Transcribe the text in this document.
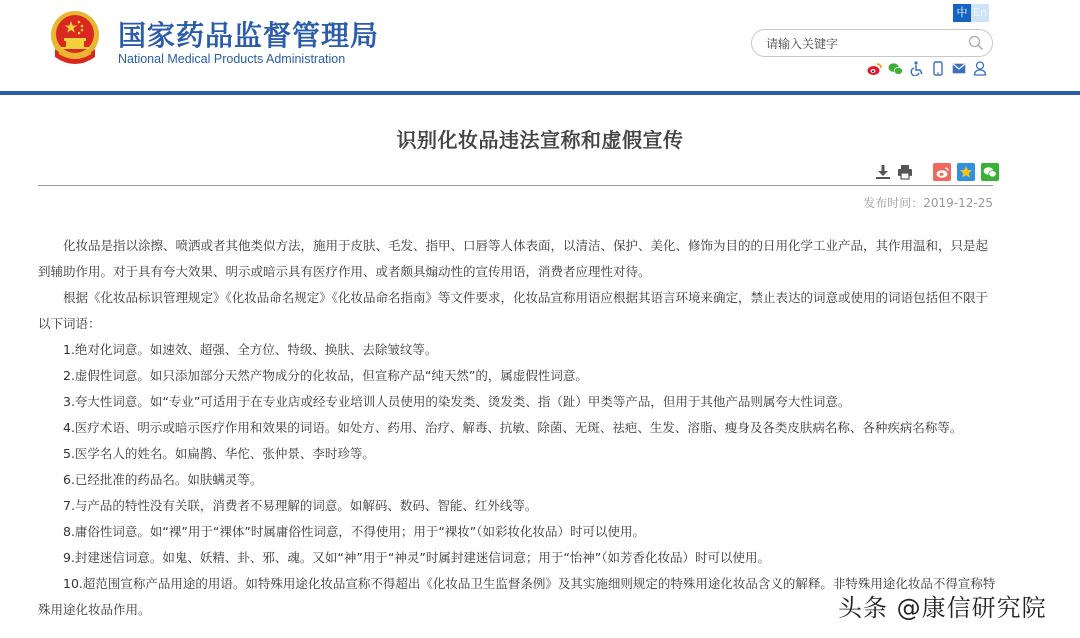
国家药品监督管理局
National Medical Products Administration
中 En
请输入关键字
识别化妆品违法宣称和虚假宣传
发布时间：2019-12-25

化妆品是指以涂擦、喷洒或者其他类似方法，施用于皮肤、毛发、指甲、口唇等人体表面，以清洁、保护、美化、修饰为目的的日用化学工业产品，其作用温和，只是起到辅助作用。对于具有夸大效果、明示或暗示具有医疗作用、或者颇具煽动性的宣传用语，消费者应理性对待。

根据《化妆品标识管理规定》《化妆品命名规定》《化妆品命名指南》等文件要求，化妆品宣称用语应根据其语言环境来确定，禁止表达的词意或使用的词语包括但不限于以下词语：

1.绝对化词意。如速效、超强、全方位、特级、换肤、去除皱纹等。

2.虚假性词意。如只添加部分天然产物成分的化妆品，但宣称产品“纯天然”的，属虚假性词意。

3.夸大性词意。如“专业”可适用于在专业店或经专业培训人员使用的染发类、烫发类、指（趾）甲类等产品，但用于其他产品则属夸大性词意。

4.医疗术语、明示或暗示医疗作用和效果的词语。如处方、药用、治疗、解毒、抗敏、除菌、无斑、祛疤、生发、溶脂、瘦身及各类皮肤病名称、各种疾病名称等。

5.医学名人的姓名。如扁鹊、华佗、张仲景、李时珍等。

6.已经批准的药品名。如肤螨灵等。

7.与产品的特性没有关联，消费者不易理解的词意。如解码、数码、智能、红外线等。

8.庸俗性词意。如“裸”用于“裸体”时属庸俗性词意，不得使用；用于“裸妆”（如彩妆化妆品）时可以使用。

9.封建迷信词意。如鬼、妖精、卦、邪、魂。又如“神”用于“神灵”时属封建迷信词意；用于“怡神”（如芳香化妆品）时可以使用。

10.超范围宣称产品用途的用语。如特殊用途化妆品宣称不得超出《化妆品卫生监督条例》及其实施细则规定的特殊用途化妆品含义的解释。非特殊用途化妆品不得宣称特殊用途化妆品作用。	头条 @康信研究院
